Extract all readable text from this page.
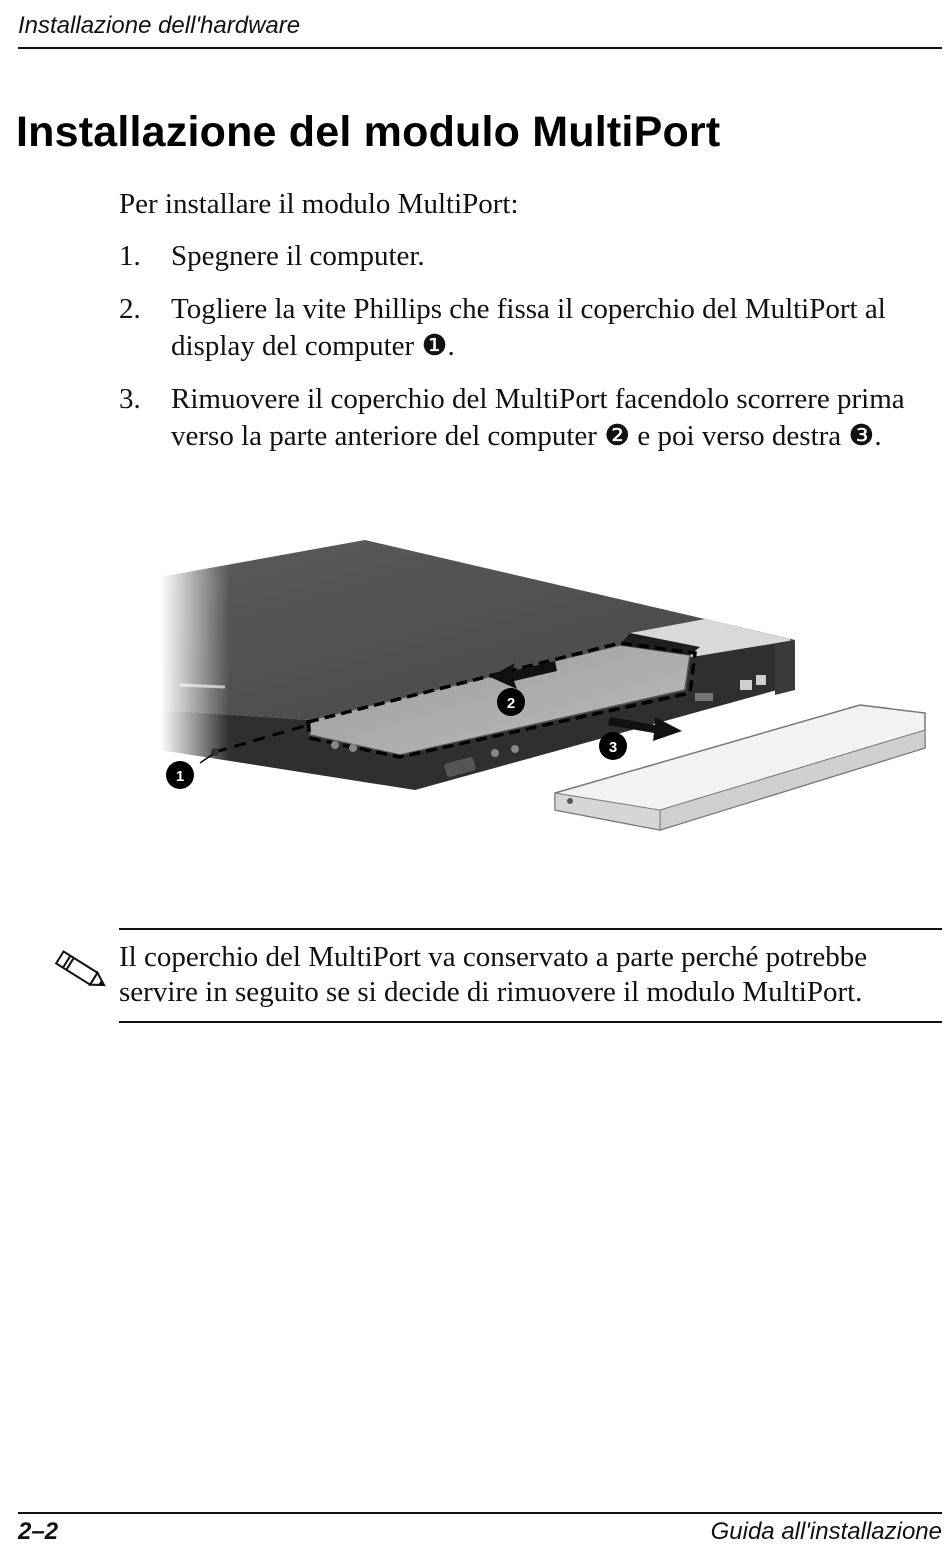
Installazione dell'hardware
Installazione del modulo MultiPort
Per installare il modulo MultiPort:
1. Spegnere il computer.
2. Togliere la vite Phillips che fissa il coperchio del MultiPort al display del computer ❶.
3. Rimuovere il coperchio del MultiPort facendolo scorrere prima verso la parte anteriore del computer ❷ e poi verso destra ❸.
1
2
3
Il coperchio del MultiPort va conservato a parte perché potrebbe servire in seguito se si decide di rimuovere il modulo MultiPort.
2–2	Guida all'installazione
